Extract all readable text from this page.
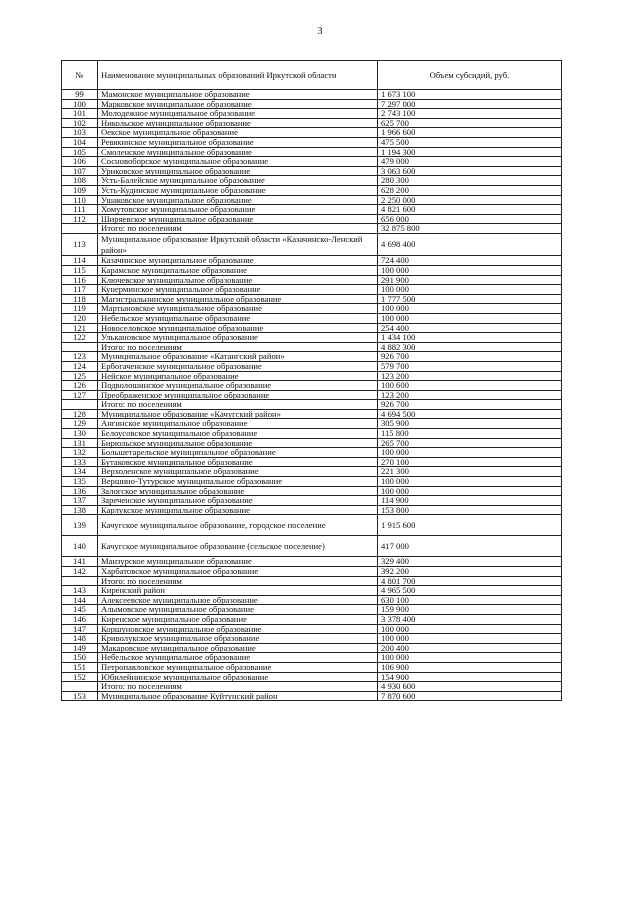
3
№	Наименование муниципальных образований Иркутской области	Объем субсидий, руб.
99	Мамонское муниципальное образование	1 673 100
100	Марковское муниципальное образование	7 297 000
101	Молодежное муниципальное образование	2 743 100
102	Никольское муниципальное образование	625 700
103	Оекское муниципальное образование	1 966 600
104	Ревякинское муниципальное образование	475 500
105	Смоленское муниципальное образование	1 194 300
106	Сосновоборское муниципальное образование	479 000
107	Уриковское муниципальное образование	3 063 600
108	Усть-Балейское муниципальное образование	280 300
109	Усть-Кудинское муниципальное образование	628 200
110	Ушаковское муниципальное образование	2 250 000
111	Хомутовское муниципальное образование	4 821 600
112	Ширяевское муниципальное образование	656 000
	Итого: по поселениям	32 875 800
113	Муниципальное образование Иркутской области «Казачинско-Ленский район»	4 698 400
114	Казачинское муниципальное образование	724 400
115	Карамское муниципальное образование	100 000
116	Ключевское муниципальное образование	291 900
117	Кунерминское муниципальное образование	100 000
118	Магистральнинское муниципальное образование	1 777 500
119	Мартыновское муниципальное образование	100 000
120	Небельское муниципальное образование	100 000
121	Новоселовское муниципальное образование	254 400
122	Улькановское муниципальное образование	1 434 100
	Итого: по поселениям	4 882 300
123	Муниципальное образование «Катангский район»	926 700
124	Ербогаченское муниципальное образование	579 700
125	Нейское муниципальное образование	123 200
126	Подволошинское муниципальное образование	100 600
127	Преображенское муниципальное образование	123 200
	Итого: по поселениям	926 700
128	Муниципальное образование «Качугский район»	4 694 500
129	Ангинское муниципальное образование	305 900
130	Белоусовское муниципальное образование	115 800
131	Бирюльское муниципальное образование	265 700
132	Большетарельское муниципальное образование	100 000
133	Бутаковское муниципальное образование	270 100
134	Верхоленское муниципальное образование	221 300
135	Вершино-Тутурское муниципальное образование	100 000
136	Залогское муниципальное образование	100 000
137	Зареченское муниципальное образование	114 900
138	Карлукское муниципальное образование	153 800
139	Качугское муниципальное образование, городское поселение	1 915 600
140	Качугское муниципальное образование (сельское поселение)	417 000
141	Манзурское муниципальное образование	329 400
142	Харбатовское муниципальное образование	392 200
	Итого: по поселениям	4 801 700
143	Киренский район	4 965 500
144	Алексеевское муниципальное образование	630 100
145	Алымовское муниципальное образование	159 900
146	Киренское муниципальное образование	3 378 400
147	Коршуновское муниципальное образование	100 000
148	Криволукское муниципальное образование	100 000
149	Макаровское муниципальное образование	200 400
150	Небельское муниципальное образование	100 000
151	Петропавловское муниципальное образование	106 900
152	Юбилейнинское муниципальное образование	154 900
	Итого: по поселениям	4 930 600
153	Муниципальное образование Куйтунский район	7 870 600
